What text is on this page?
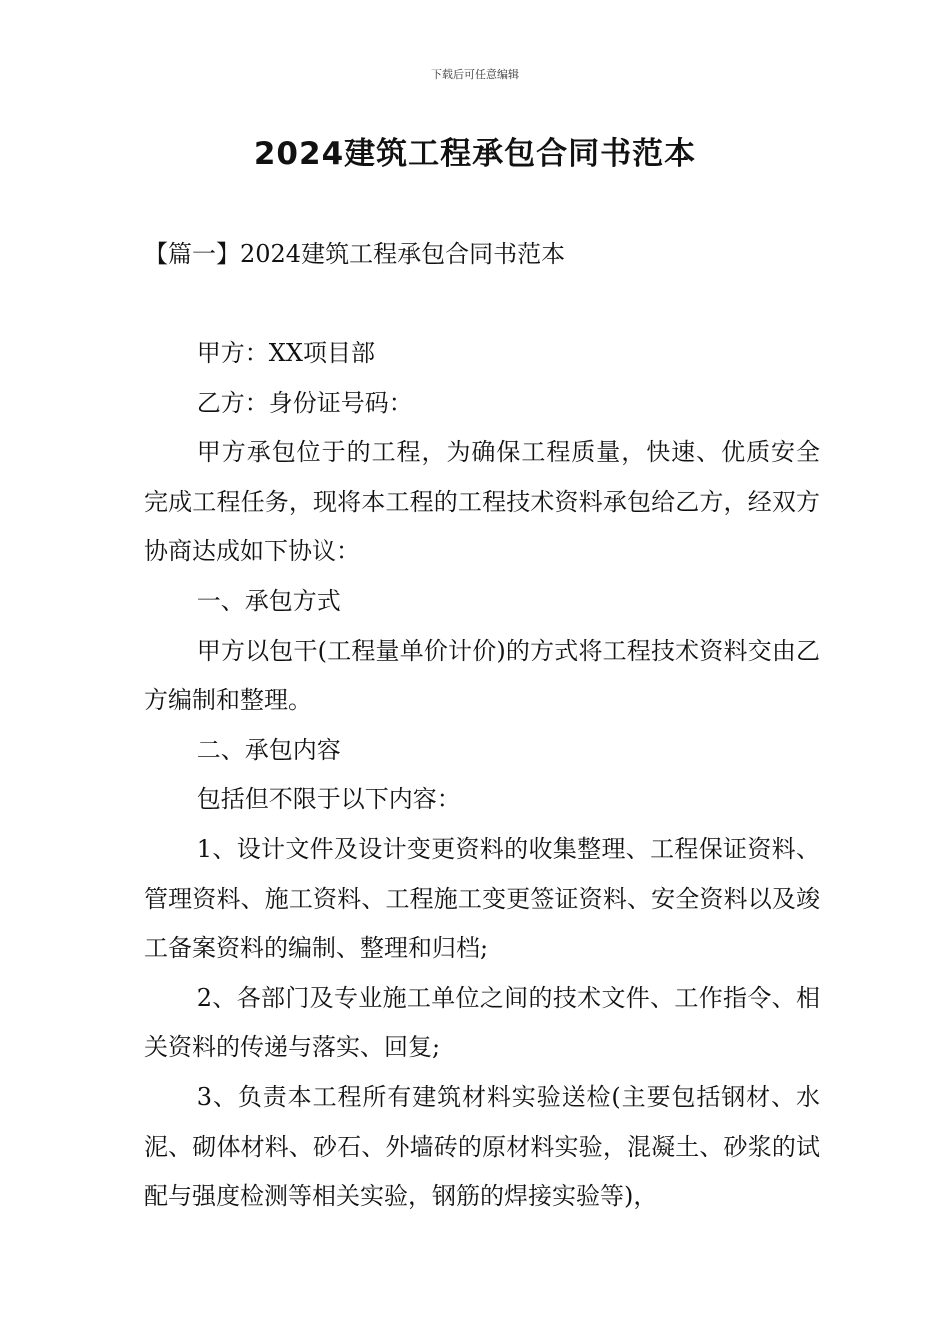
下载后可任意编辑
2024建筑工程承包合同书范本
【篇一】2024建筑工程承包合同书范本

甲方：XX项目部

乙方：身份证号码：

甲方承包位于的工程，为确保工程质量，快速、优质安全完成工程任务，现将本工程的工程技术资料承包给乙方，经双方协商达成如下协议：

一、承包方式

甲方以包干(工程量单价计价)的方式将工程技术资料交由乙方编制和整理。

二、承包内容

包括但不限于以下内容：

1、设计文件及设计变更资料的收集整理、工程保证资料、管理资料、施工资料、工程施工变更签证资料、安全资料以及竣工备案资料的编制、整理和归档;

2、各部门及专业施工单位之间的技术文件、工作指令、相关资料的传递与落实、回复;

3、负责本工程所有建筑材料实验送检(主要包括钢材、水泥、砌体材料、砂石、外墙砖的原材料实验，混凝土、砂浆的试配与强度检测等相关实验，钢筋的焊接实验等)，
